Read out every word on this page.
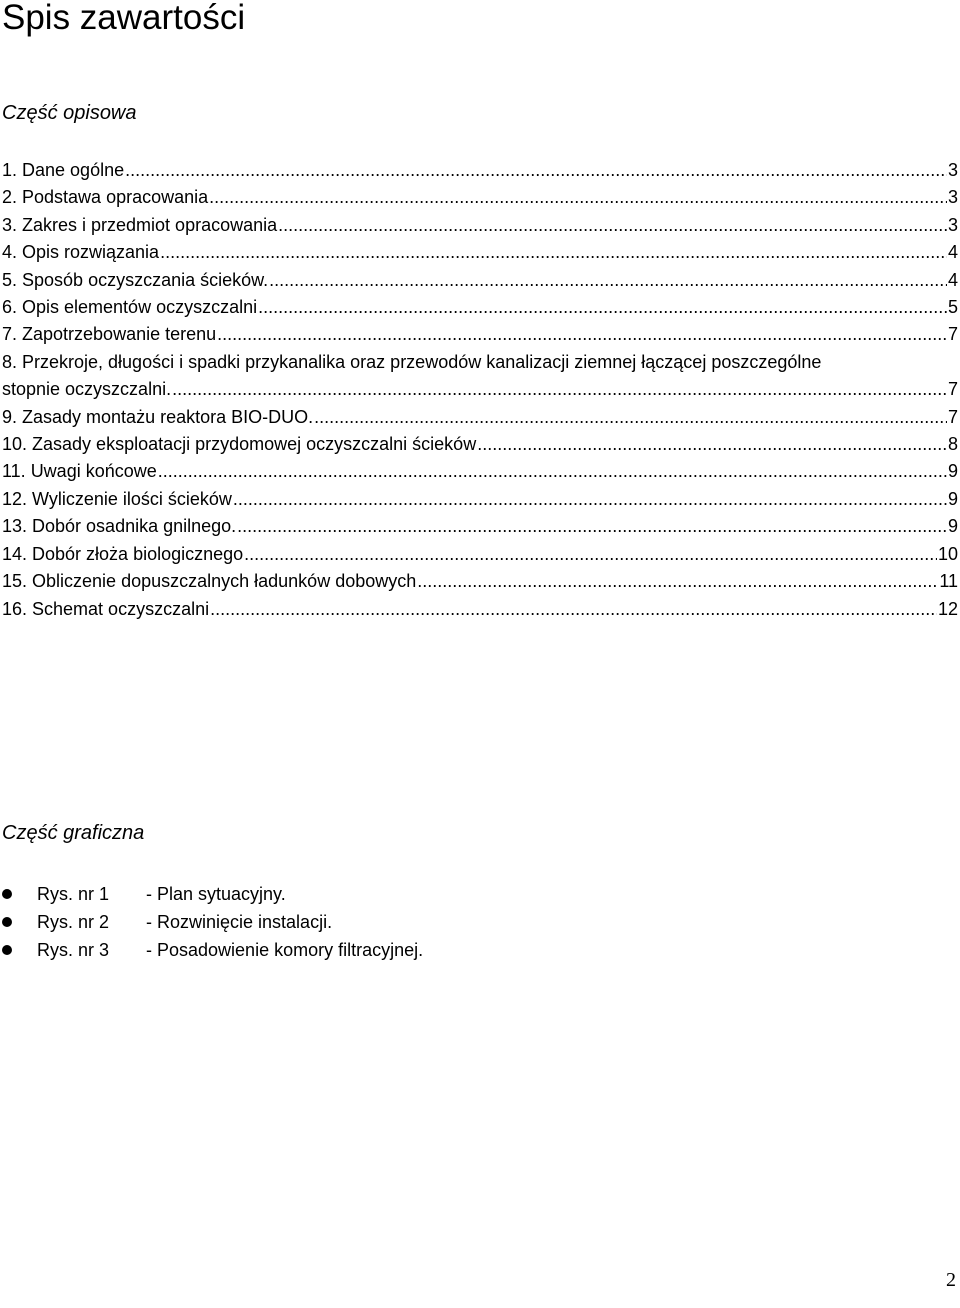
Spis zawartości
Część opisowa
1. Dane ogólne .....	3
2. Podstawa opracowania .....	3
3. Zakres i przedmiot opracowania .....	3
4. Opis rozwiązania .....	4
5. Sposób oczyszczania ścieków. .....	4
6. Opis elementów oczyszczalni .....	5
7. Zapotrzebowanie terenu .....	7
8. Przekroje, długości i spadki przykanalika oraz przewodów kanalizacji ziemnej łączącej poszczególne
stopnie oczyszczalni. .....	7
9. Zasady montażu reaktora BIO-DUO. .....	7
10. Zasady eksploatacji przydomowej oczyszczalni ścieków .....	8
11. Uwagi końcowe .....	9
12. Wyliczenie ilości ścieków .....	9
13. Dobór osadnika gnilnego. .....	9
14. Dobór złoża biologicznego .....	10
15. Obliczenie dopuszczalnych ładunków dobowych .....	11
16. Schemat oczyszczalni .....	12
Część graficzna
Rys. nr 1 - Plan sytuacyjny.
Rys. nr 2 - Rozwinięcie instalacji.
Rys. nr 3 - Posadowienie komory filtracyjnej.
2
